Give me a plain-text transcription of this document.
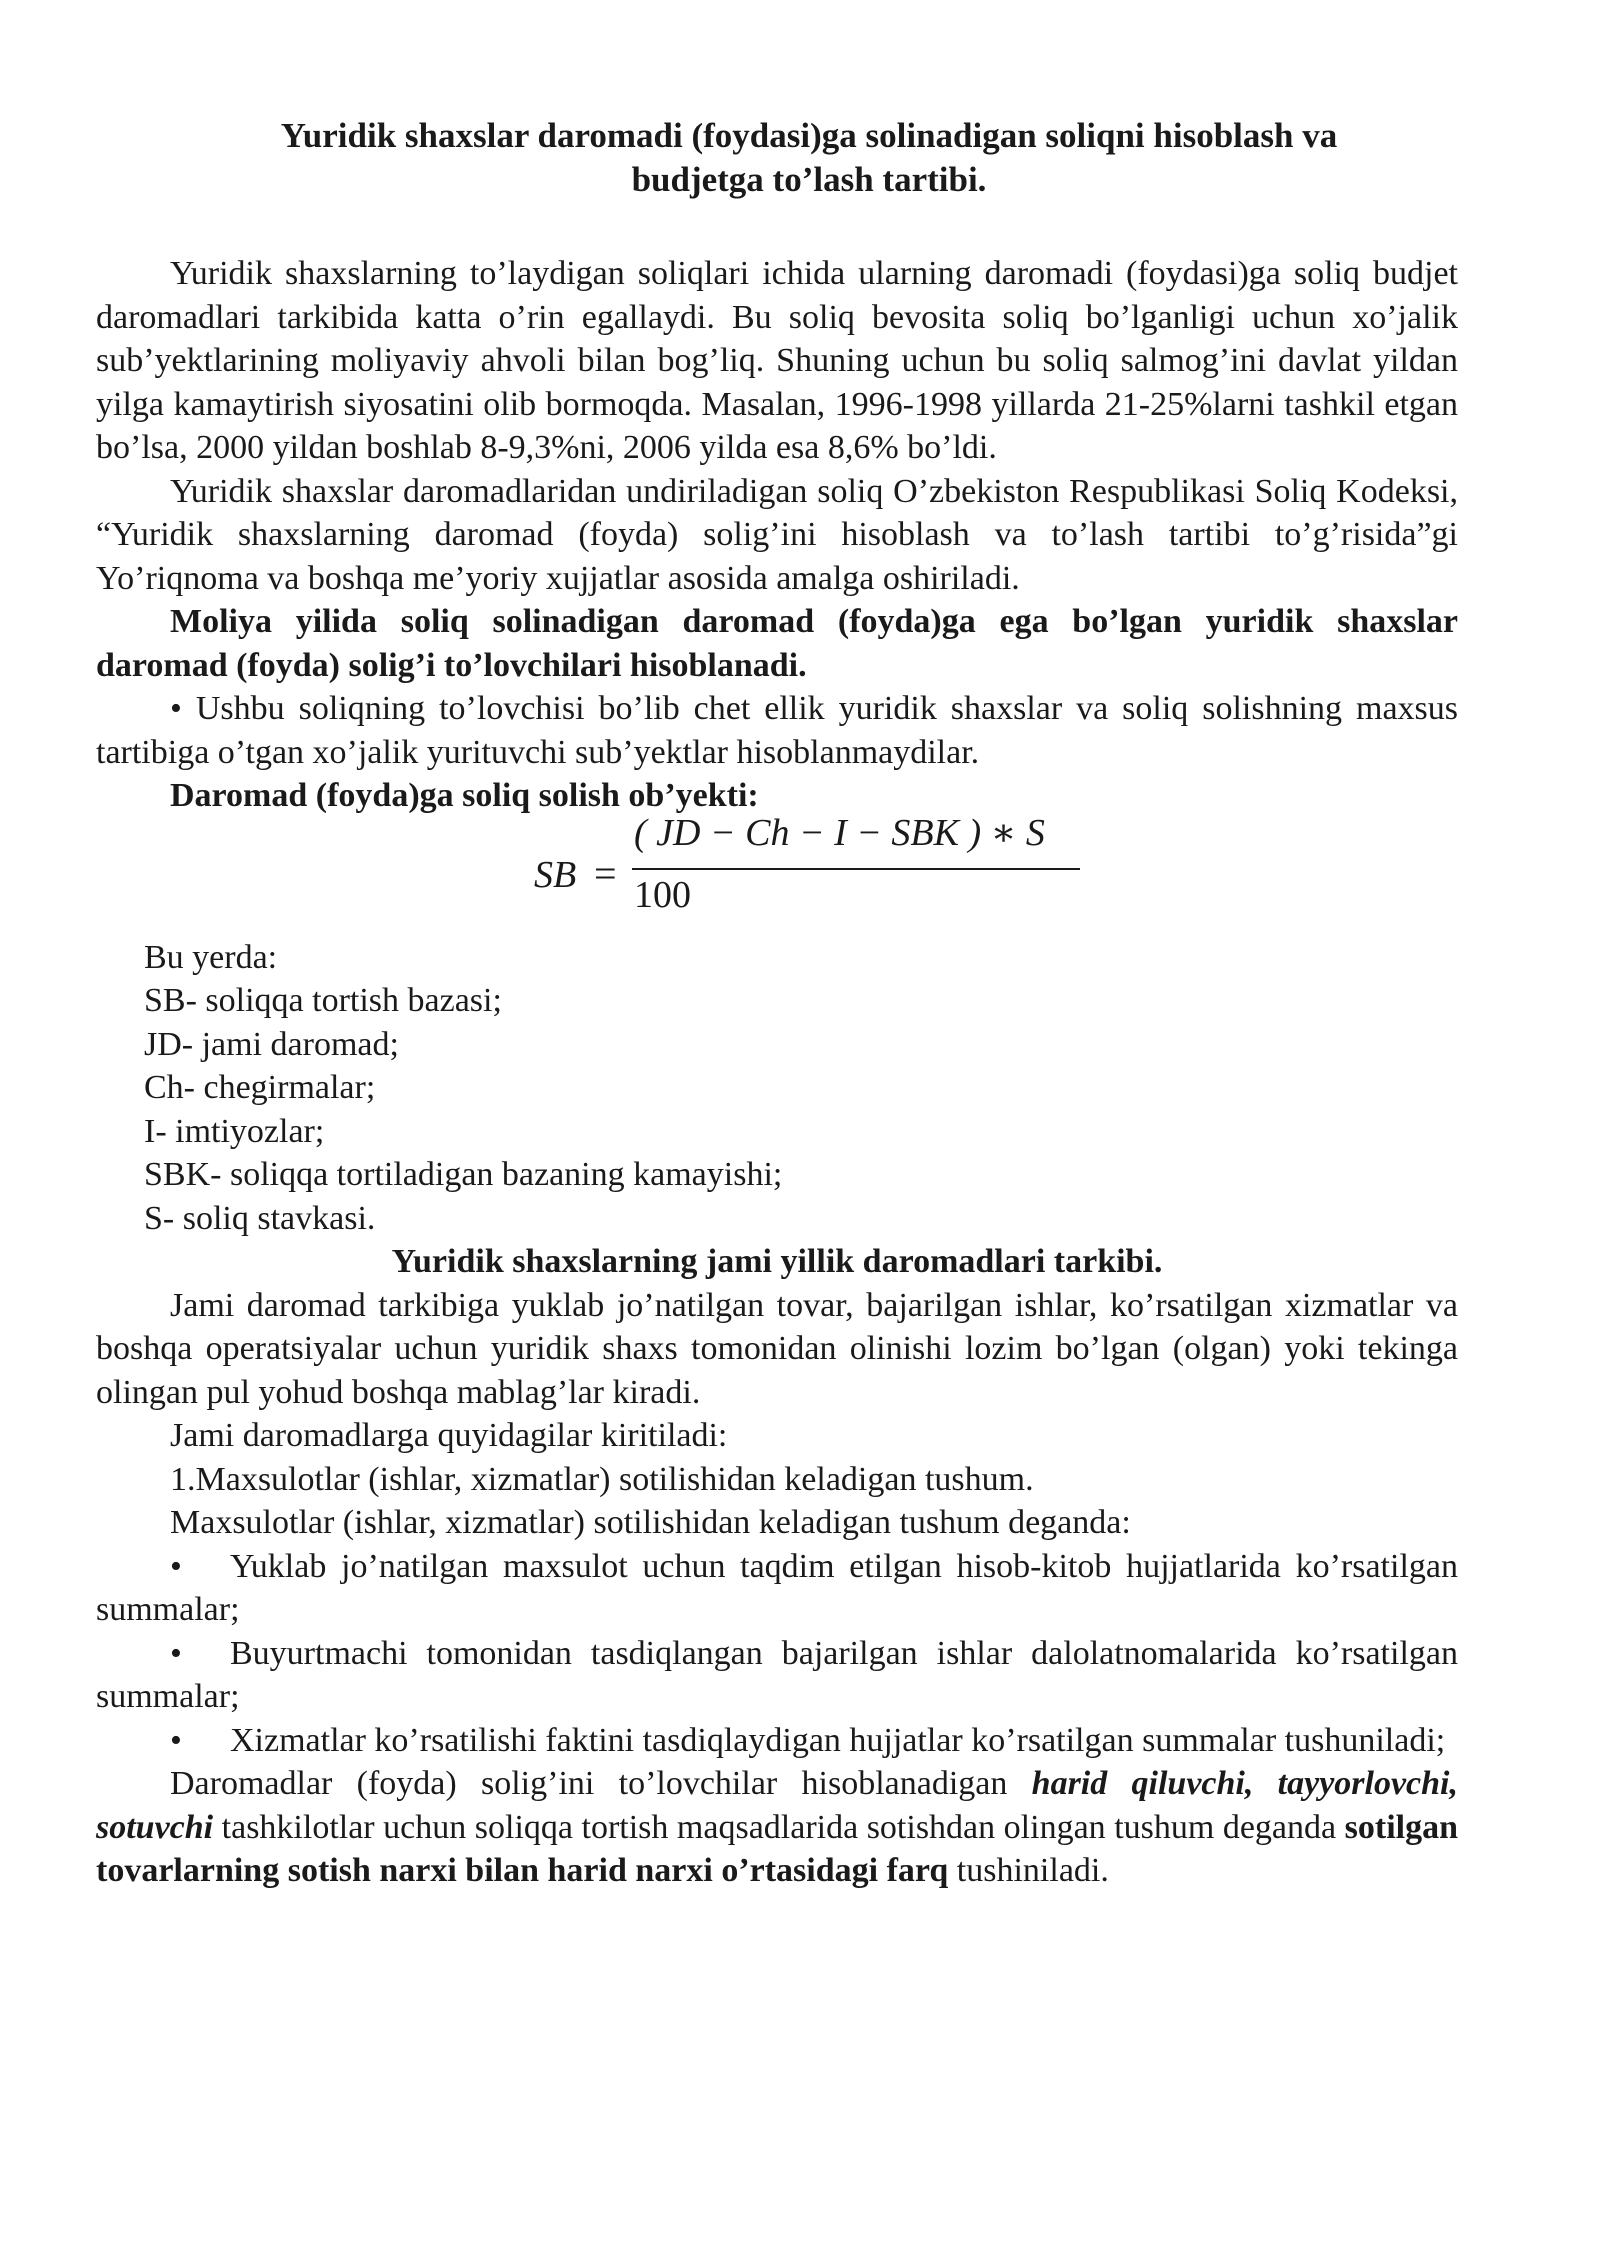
Yuridik shaxslar daromadi (foydasi)ga solinadigan soliqni hisoblash va
budjetga to’lash tartibi.

Yuridik shaxslarning to’laydigan soliqlari ichida ularning daromadi (foydasi)ga soliq budjet daromadlari tarkibida katta o’rin egallaydi. Bu soliq bevosita soliq bo’lganligi uchun xo’jalik sub’yektlarining moliyaviy ahvoli bilan bog’liq. Shuning uchun bu soliq salmog’ini davlat yildan yilga kamaytirish siyosatini olib bormoqda. Masalan, 1996-1998 yillarda 21-25%larni tashkil etgan bo’lsa, 2000 yildan boshlab 8-9,3%ni, 2006 yilda esa 8,6% bo’ldi.

Yuridik shaxslar daromadlaridan undiriladigan soliq O’zbekiston Respublikasi Soliq Kodeksi, “Yuridik shaxslarning daromad (foyda) solig’ini hisoblash va to’lash tartibi to’g’risida”gi Yo’riqnoma va boshqa me’yoriy xujjatlar asosida amalga oshiriladi.

Moliya yilida soliq solinadigan daromad (foyda)ga ega bo’lgan yuridik shaxslar daromad (foyda) solig’i to’lovchilari hisoblanadi.

• Ushbu soliqning to’lovchisi bo’lib chet ellik yuridik shaxslar va soliq solishning maxsus tartibiga o’tgan xo’jalik yurituvchi sub’yektlar hisoblanmaydilar.

Daromad (foyda)ga soliq solish ob’yekti:

SB =
( JD − Ch − I − SBK ) ∗ S
100
Bu yerda:
SB- soliqqa tortish bazasi;
JD- jami daromad;
Ch- chegirmalar;
I- imtiyozlar;
SBK- soliqqa tortiladigan bazaning kamayishi;
S- soliq stavkasi.

Yuridik shaxslarning jami yillik daromadlari tarkibi.

Jami daromad tarkibiga yuklab jo’natilgan tovar, bajarilgan ishlar, ko’rsatilgan xizmatlar va boshqa operatsiyalar uchun yuridik shaxs tomonidan olinishi lozim bo’lgan (olgan) yoki tekinga olingan pul yohud boshqa mablag’lar kiradi.

Jami daromadlarga quyidagilar kiritiladi:

1.Maxsulotlar (ishlar, xizmatlar) sotilishidan keladigan tushum.

Maxsulotlar (ishlar, xizmatlar) sotilishidan keladigan tushum deganda:

• Yuklab jo’natilgan maxsulot uchun taqdim etilgan hisob-kitob hujjatlarida ko’rsatilgan summalar;

• Buyurtmachi tomonidan tasdiqlangan bajarilgan ishlar dalolatnomalarida ko’rsatilgan summalar;

• Xizmatlar ko’rsatilishi faktini tasdiqlaydigan hujjatlar ko’rsatilgan summalar tushuniladi;

Daromadlar (foyda) solig’ini to’lovchilar hisoblanadigan harid qiluvchi, tayyorlovchi, sotuvchi tashkilotlar uchun soliqqa tortish maqsadlarida sotishdan olingan tushum deganda sotilgan tovarlarning sotish narxi bilan harid narxi o’rtasidagi farq tushiniladi.
